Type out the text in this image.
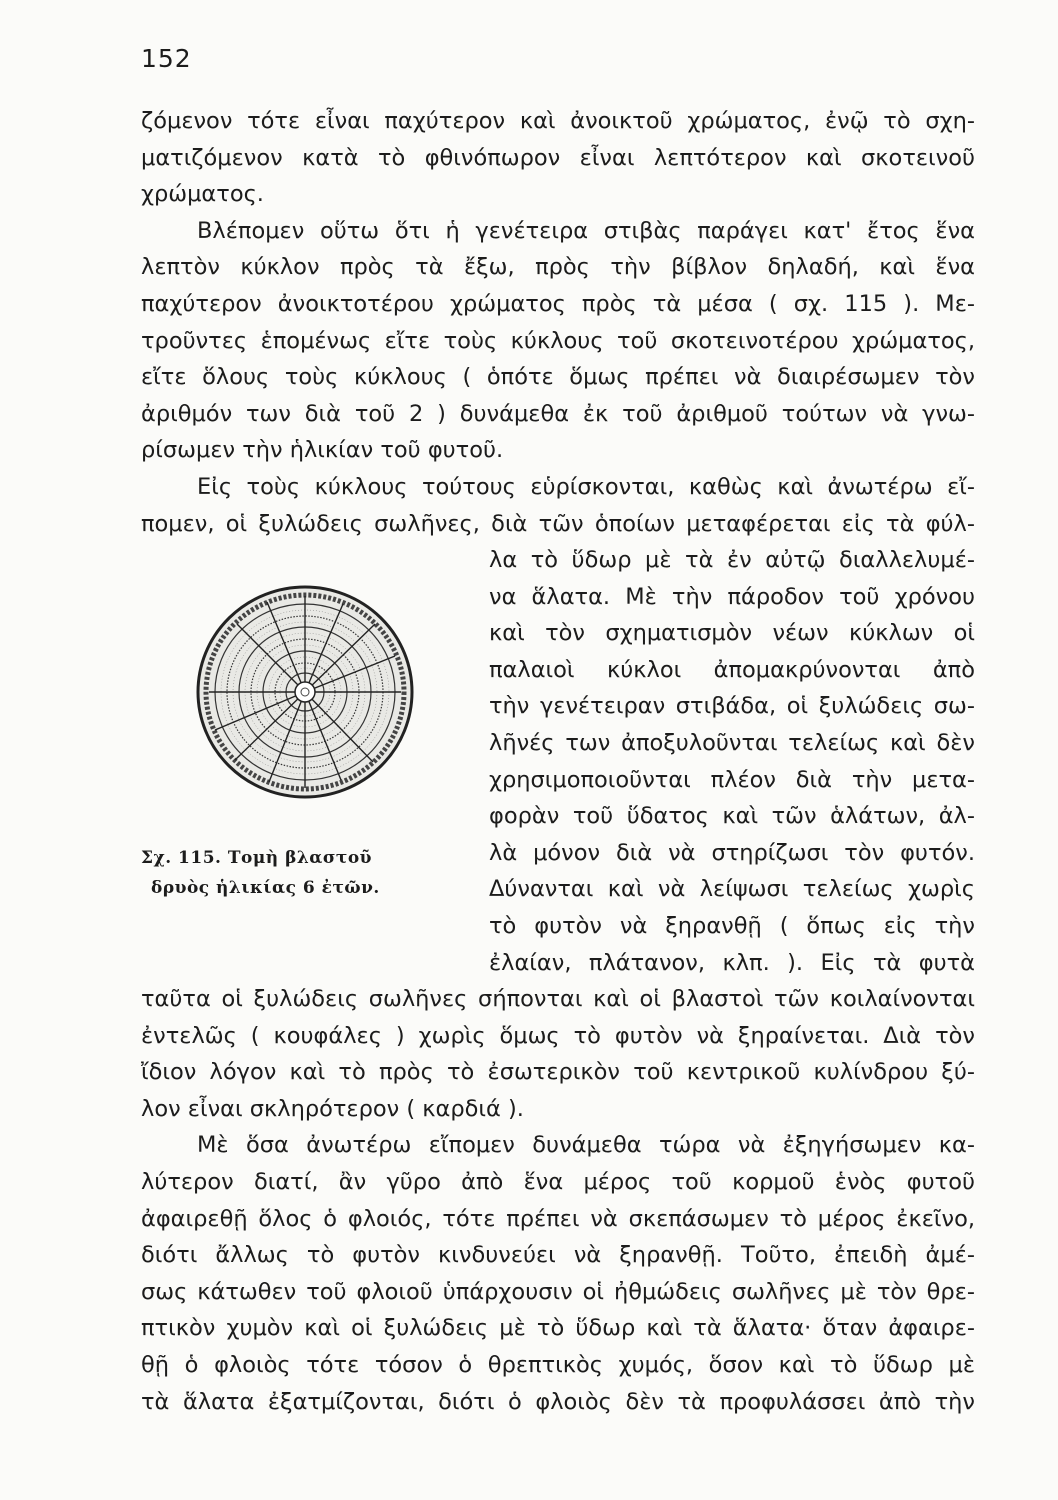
152
ζόμενον τότε εἶναι παχύτερον καὶ ἀνοικτοῦ χρώματος, ἐνῷ τὸ σχη-
ματιζόμενον κατὰ τὸ φθινόπωρον εἶναι λεπτότερον καὶ σκοτεινοῦ
χρώματος.
Βλέπομεν οὕτω ὅτι ἡ γενέτειρα στιβὰς παράγει κατ' ἔτος ἕνα
λεπτὸν κύκλον πρὸς τὰ ἔξω, πρὸς τὴν βίβλον δηλαδή, καὶ ἕνα
παχύτερον ἀνοικτοτέρου χρώματος πρὸς τὰ μέσα ( σχ. 115 ). Με-
τροῦντες ἑπομένως εἴτε τοὺς κύκλους τοῦ σκοτεινοτέρου χρώματος,
εἴτε ὅλους τοὺς κύκλους ( ὁπότε ὅμως πρέπει νὰ διαιρέσωμεν τὸν
ἀριθμόν των διὰ τοῦ 2 ) δυνάμεθα ἐκ τοῦ ἀριθμοῦ τούτων νὰ γνω-
ρίσωμεν τὴν ἡλικίαν τοῦ φυτοῦ.
Εἰς τοὺς κύκλους τούτους εὑρίσκονται, καθὼς καὶ ἀνωτέρω εἴ-
πομεν, οἱ ξυλώδεις σωλῆνες, διὰ τῶν ὁποίων μεταφέρεται εἰς τὰ φύλ-
λα τὸ ὕδωρ μὲ τὰ ἐν αὐτῷ διαλλελυμέ-
να ἅλατα. Μὲ τὴν πάροδον τοῦ χρόνου
καὶ τὸν σχηματισμὸν νέων κύκλων οἱ
παλαιοὶ κύκλοι ἀπομακρύνονται ἀπὸ
τὴν γενέτειραν στιβάδα, οἱ ξυλώδεις σω-
λῆνές των ἀποξυλοῦνται τελείως καὶ δὲν
χρησιμοποιοῦνται πλέον διὰ τὴν μετα-
φορὰν τοῦ ὕδατος καὶ τῶν ἁλάτων, ἀλ-
λὰ μόνον διὰ νὰ στηρίζωσι τὸν φυτόν.
Δύνανται καὶ νὰ λείψωσι τελείως χωρὶς
τὸ φυτὸν νὰ ξηρανθῇ ( ὅπως εἰς τὴν
ἐλαίαν, πλάτανον, κλπ. ). Εἰς τὰ φυτὰ
Σχ. 115. Τομὴ βλαστοῦ
δρυὸς ἡλικίας 6 ἐτῶν.
ταῦτα οἱ ξυλώδεις σωλῆνες σήπονται καὶ οἱ βλαστοὶ τῶν κοιλαίνονται
ἐντελῶς ( κουφάλες ) χωρὶς ὅμως τὸ φυτὸν νὰ ξηραίνεται. Διὰ τὸν
ἴδιον λόγον καὶ τὸ πρὸς τὸ ἐσωτερικὸν τοῦ κεντρικοῦ κυλίνδρου ξύ-
λον εἶναι σκληρότερον ( καρδιά ).
Μὲ ὅσα ἀνωτέρω εἴπομεν δυνάμεθα τώρα νὰ ἐξηγήσωμεν κα-
λύτερον διατί, ἂν γῦρο ἀπὸ ἕνα μέρος τοῦ κορμοῦ ἑνὸς φυτοῦ
ἀφαιρεθῇ ὅλος ὁ φλοιός, τότε πρέπει νὰ σκεπάσωμεν τὸ μέρος ἐκεῖνο,
διότι ἄλλως τὸ φυτὸν κινδυνεύει νὰ ξηρανθῇ. Τοῦτο, ἐπειδὴ ἀμέ-
σως κάτωθεν τοῦ φλοιοῦ ὑπάρχουσιν οἱ ἠθμώδεις σωλῆνες μὲ τὸν θρε-
πτικὸν χυμὸν καὶ οἱ ξυλώδεις μὲ τὸ ὕδωρ καὶ τὰ ἅλατα· ὅταν ἀφαιρε-
θῇ ὁ φλοιὸς τότε τόσον ὁ θρεπτικὸς χυμός, ὅσον καὶ τὸ ὕδωρ μὲ
τὰ ἅλατα ἐξατμίζονται, διότι ὁ φλοιὸς δὲν τὰ προφυλάσσει ἀπὸ τὴν
